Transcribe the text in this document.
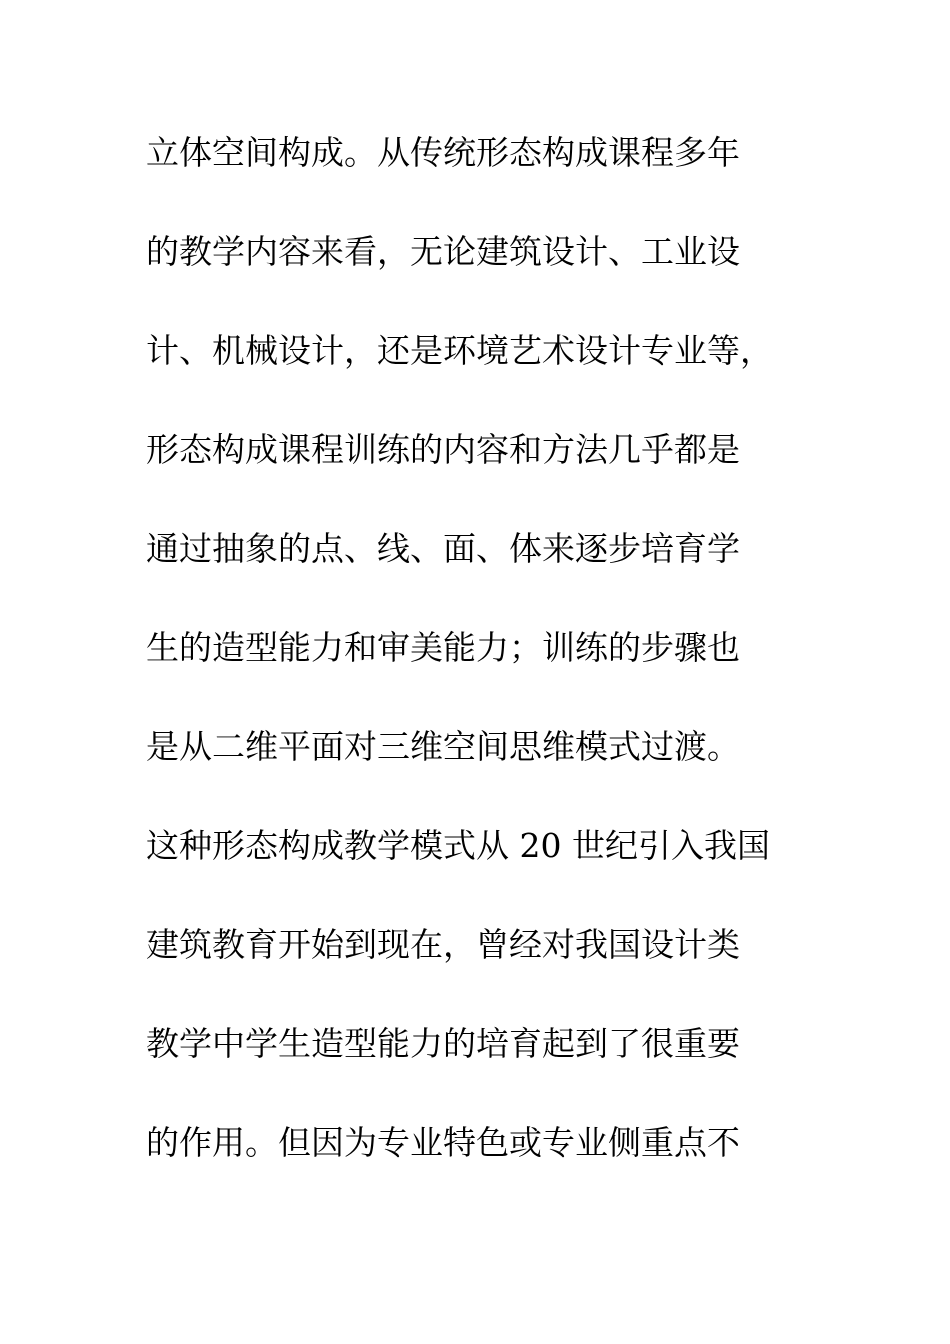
立体空间构成。从传统形态构成课程多年
的教学内容来看，无论建筑设计、工业设
计、机械设计，还是环境艺术设计专业等，
形态构成课程训练的内容和方法几乎都是
通过抽象的点、线、面、体来逐步培育学
生的造型能力和审美能力；训练的步骤也
是从二维平面对三维空间思维模式过渡。
这种形态构成教学模式从 20 世纪引入我国
建筑教育开始到现在，曾经对我国设计类
教学中学生造型能力的培育起到了很重要
的作用。但因为专业特色或专业侧重点不
